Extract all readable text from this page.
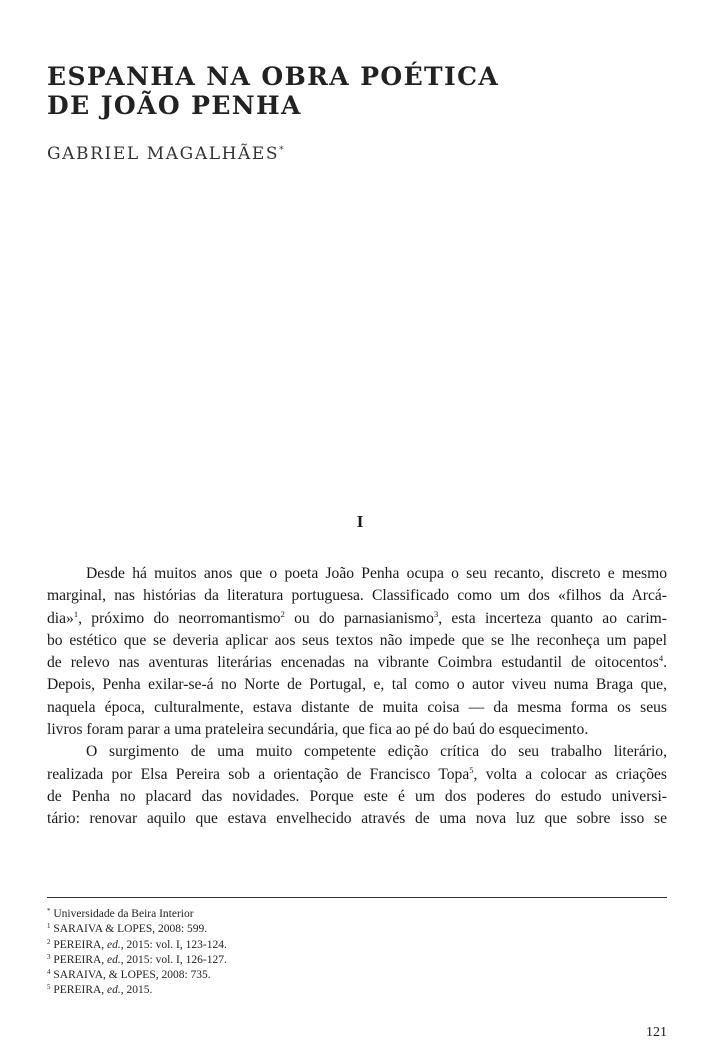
ESPANHA NA OBRA POÉTICA
DE JOÃO PENHA
GABRIEL MAGALHÃES*
I
Desde há muitos anos que o poeta João Penha ocupa o seu recanto, discreto e mesmo
marginal, nas histórias da literatura portuguesa. Classificado como um dos «filhos da Arcá-
dia»$^1$, próximo do neorromantismo$^2$ ou do parnasianismo$^3$, esta incerteza quanto ao carim-
bo estético que se deveria aplicar aos seus textos não impede que se lhe reconheça um papel
de relevo nas aventuras literárias encenadas na vibrante Coimbra estudantil de oitocentos$^4$.
Depois, Penha exilar-se-á no Norte de Portugal, e, tal como o autor viveu numa Braga que,
naquela época, culturalmente, estava distante de muita coisa — da mesma forma os seus
livros foram parar a uma prateleira secundária, que fica ao pé do baú do esquecimento.
O surgimento de uma muito competente edição crítica do seu trabalho literário,
realizada por Elsa Pereira sob a orientação de Francisco Topa$^5$, volta a colocar as criações
de Penha no placard das novidades. Porque este é um dos poderes do estudo universi-
tário: renovar aquilo que estava envelhecido através de uma nova luz que sobre isso se
* Universidade da Beira Interior
$^1$ SARAIVA & LOPES, 2008: 599.
$^2$ PEREIRA, ed., 2015: vol. I, 123-124.
$^3$ PEREIRA, ed., 2015: vol. I, 126-127.
$^4$ SARAIVA, & LOPES, 2008: 735.
$^5$ PEREIRA, ed., 2015.
121
